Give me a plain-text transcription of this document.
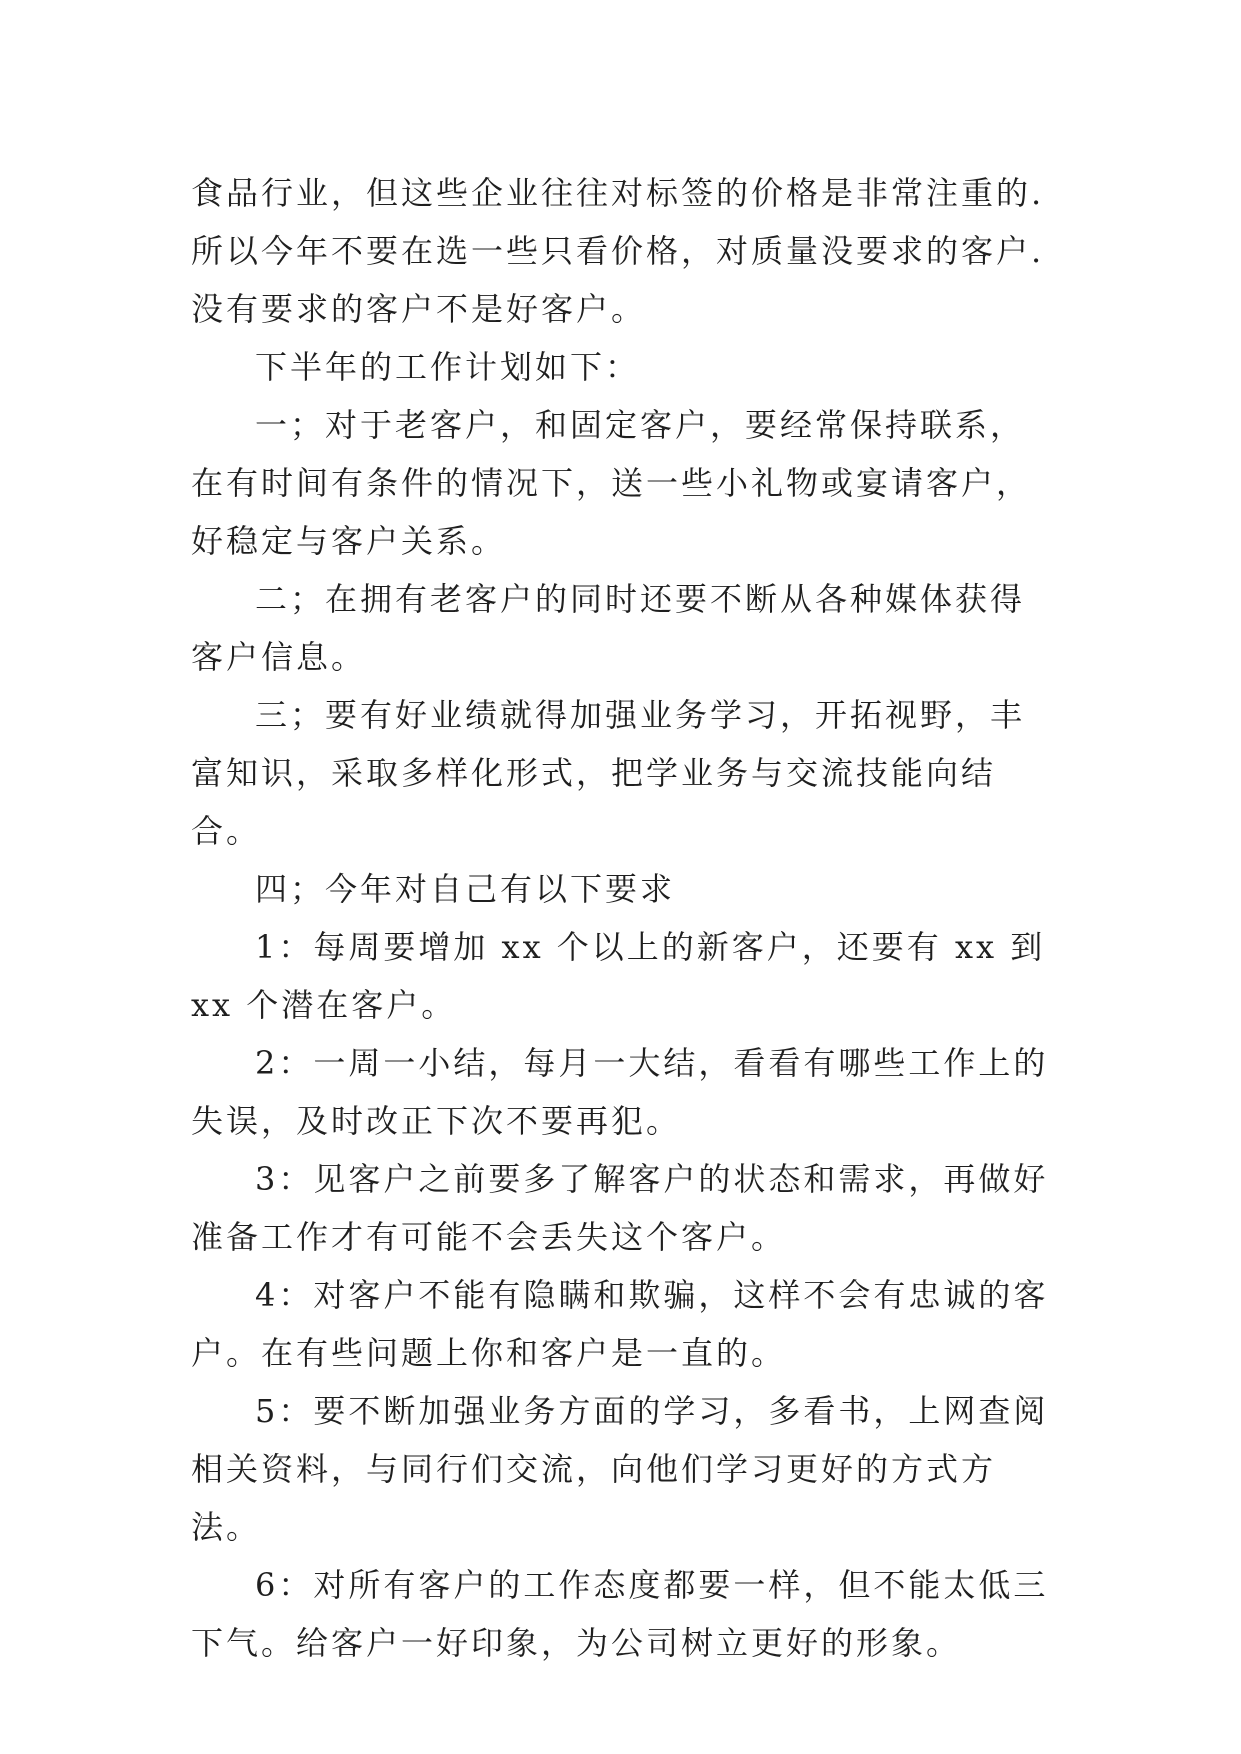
食品行业，但这些企业往往对标签的价格是非常注重的.所以今年不要在选一些只看价格，对质量没要求的客户.没有要求的客户不是好客户。

下半年的工作计划如下：

一；对于老客户，和固定客户，要经常保持联系，在有时间有条件的情况下，送一些小礼物或宴请客户，好稳定与客户关系。

二；在拥有老客户的同时还要不断从各种媒体获得 客户信息。

三；要有好业绩就得加强业务学习，开拓视野，丰富知识，采取多样化形式，把学业务与交流技能向结合。

四；今年对自己有以下要求

1：每周要增加 xx 个以上的新客户，还要有 xx 到 xx 个潜在客户。

2：一周一小结，每月一大结，看看有哪些工作上的失误，及时改正下次不要再犯。

3：见客户之前要多了解客户的状态和需求，再做好准备工作才有可能不会丢失这个客户。

4：对客户不能有隐瞒和欺骗，这样不会有忠诚的客户。在有些问题上你和客户是一直的。

5：要不断加强业务方面的学习，多看书，上网查阅相关资料，与同行们交流，向他们学习更好的方式方法。

6：对所有客户的工作态度都要一样，但不能太低三下气。给客户一好印象，为公司树立更好的形象。
